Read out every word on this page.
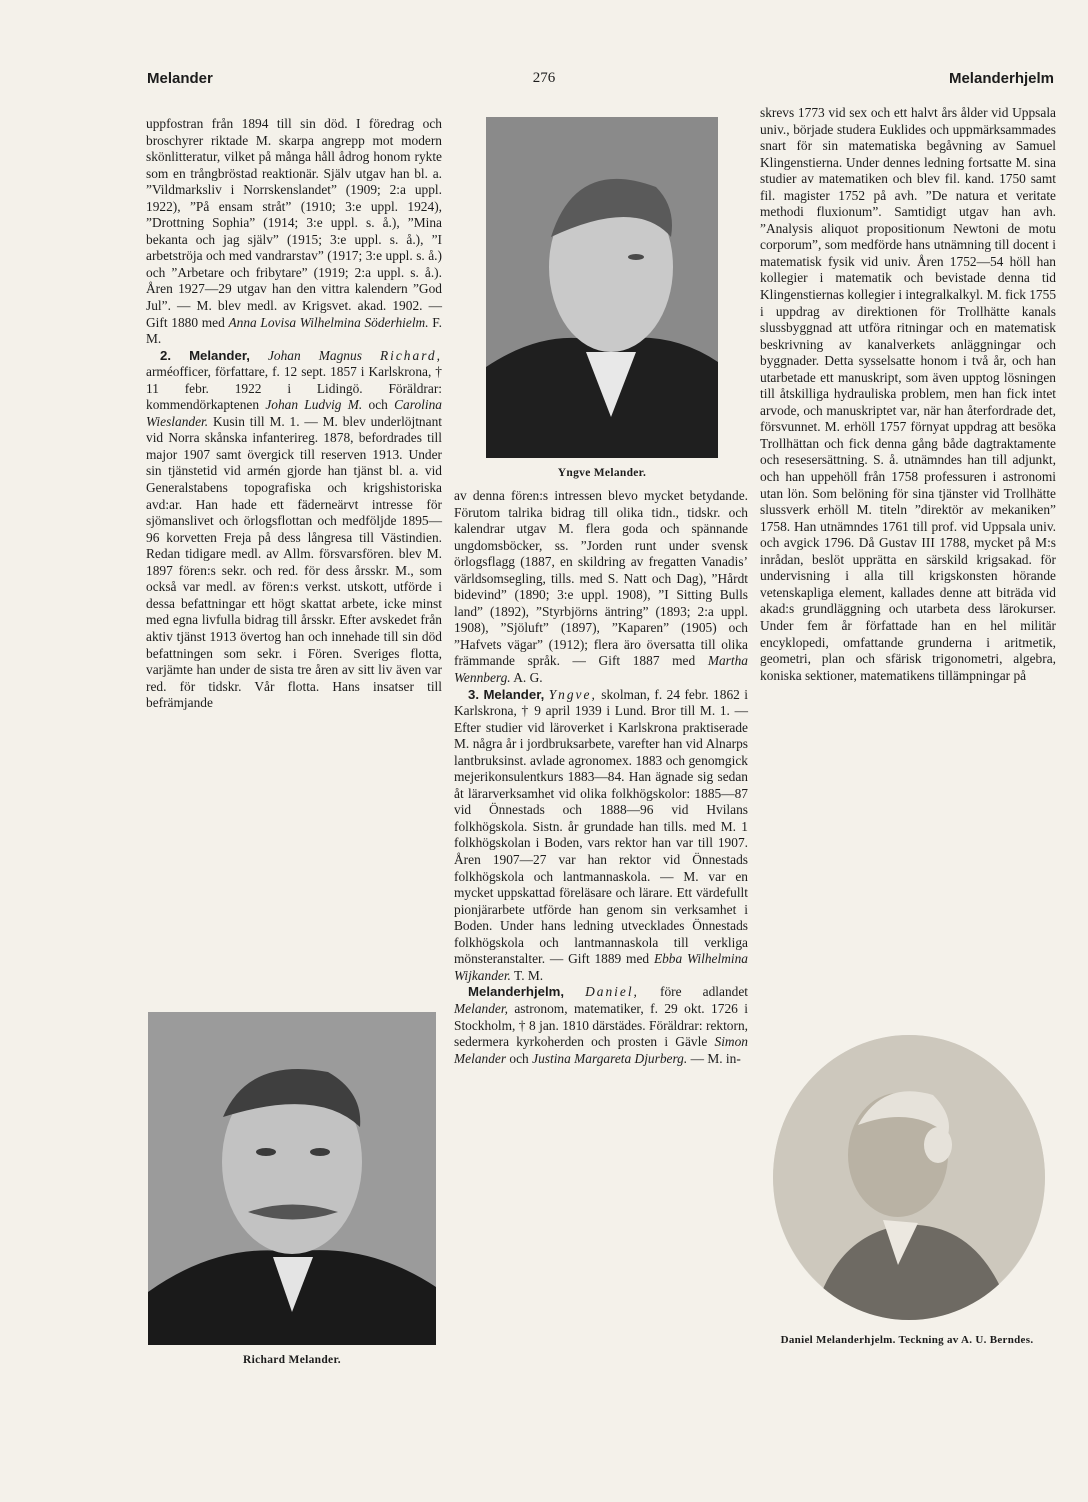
Melander	276	Melanderhjelm

uppfostran från 1894 till sin död. I föredrag och broschyrer riktade M. skarpa angrepp mot modern skönlitteratur, vilket på många håll ådrog honom rykte som en trångbröstad reaktionär. Själv utgav han bl. a. ”Vildmarksliv i Norrskenslandet” (1909; 2:a uppl. 1922), ”På ensam stråt” (1910; 3:e uppl. 1924), ”Drottning Sophia” (1914; 3:e uppl. s. å.), ”Mina bekanta och jag själv” (1915; 3:e uppl. s. å.), ”I arbetströja och med vandrarstav” (1917; 3:e uppl. s. å.) och ”Arbetare och fribytare” (1919; 2:a uppl. s. å.). Åren 1927—29 utgav han den vittra kalendern ”God Jul”. — M. blev medl. av Krigsvet. akad. 1902. — Gift 1880 med Anna Lovisa Wilhelmina Söderhielm. F. M.

2. Melander, Johan Magnus Richard, arméofficer, författare, f. 12 sept. 1857 i Karlskrona, † 11 febr. 1922 i Lidingö. Föräldrar: kommendörkaptenen Johan Ludvig M. och Carolina Wieslander. Kusin till M. 1. — M. blev underlöjtnant vid Norra skånska infanterireg. 1878, befordrades till major 1907 samt övergick till reserven 1913. Under sin tjänstetid vid armén gjorde han tjänst bl. a. vid Generalstabens topografiska och krigshistoriska avd:ar. Han hade ett fäderneärvt intresse för sjömanslivet och örlogsflottan och medföljde 1895—96 korvetten Freja på dess långresa till Västindien. Redan tidigare medl. av Allm. försvarsfören. blev M. 1897 fören:s sekr. och red. för dess årsskr. M., som också var medl. av fören:s verkst. utskott, utförde i dessa befattningar ett högt skattat arbete, icke minst med egna livfulla bidrag till årsskr. Efter avskedet från aktiv tjänst 1913 övertog han och innehade till sin död befattningen som sekr. i Fören. Sveriges flotta, varjämte han under de sista tre åren av sitt liv även var red. för tidskr. Vår flotta. Hans insatser till befrämjande

Yngve Melander.
Richard Melander.

av denna fören:s intressen blevo mycket betydande. Förutom talrika bidrag till olika tidn., tidskr. och kalendrar utgav M. flera goda och spännande ungdomsböcker, ss. ”Jorden runt under svensk örlogsflagg (1887, en skildring av fregatten Vanadis’ världsomsegling, tills. med S. Natt och Dag), ”Hårdt bidevind” (1890; 3:e uppl. 1908), ”I Sitting Bulls land” (1892), ”Styrbjörns äntring” (1893; 2:a uppl. 1908), ”Sjöluft” (1897), ”Kaparen” (1905) och ”Hafvets vägar” (1912); flera äro översatta till olika främmande språk. — Gift 1887 med Martha Wennberg. A. G.

3. Melander, Yngve, skolman, f. 24 febr. 1862 i Karlskrona, † 9 april 1939 i Lund. Bror till M. 1. — Efter studier vid läroverket i Karlskrona praktiserade M. några år i jordbruksarbete, varefter han vid Alnarps lantbruksinst. avlade agronomex. 1883 och genomgick mejerikonsulentkurs 1883—84. Han ägnade sig sedan åt lärarverksamhet vid olika folkhögskolor: 1885—87 vid Önnestads och 1888—96 vid Hvilans folkhögskola. Sistn. år grundade han tills. med M. 1 folkhögskolan i Boden, vars rektor han var till 1907. Åren 1907—27 var han rektor vid Önnestads folkhögskola och lantmannaskola. — M. var en mycket uppskattad föreläsare och lärare. Ett värdefullt pionjärarbete utförde han genom sin verksamhet i Boden. Under hans ledning utvecklades Önnestads folkhögskola och lantmannaskola till verkliga mönsteranstalter. — Gift 1889 med Ebba Wilhelmina Wijkander. T. M.

Melanderhjelm, Daniel, före adlandet Melander, astronom, matematiker, f. 29 okt. 1726 i Stockholm, † 8 jan. 1810 därstädes. Föräldrar: rektorn, sedermera kyrkoherden och prosten i Gävle Simon Melander och Justina Margareta Djurberg. — M. in-

skrevs 1773 vid sex och ett halvt års ålder vid Uppsala univ., började studera Euklides och uppmärksammades snart för sin matematiska begåvning av Samuel Klingenstierna. Under dennes ledning fortsatte M. sina studier av matematiken och blev fil. kand. 1750 samt fil. magister 1752 på avh. ”De natura et veritate methodi fluxionum”. Samtidigt utgav han avh. ”Analysis aliquot propositionum Newtoni de motu corporum”, som medförde hans utnämning till docent i matematisk fysik vid univ. Åren 1752—54 höll han kollegier i matematik och bevistade denna tid Klingenstiernas kollegier i integralkalkyl. M. fick 1755 i uppdrag av direktionen för Trollhätte kanals slussbyggnad att utföra ritningar och en matematisk beskrivning av kanalverkets anläggningar och byggnader. Detta sysselsatte honom i två år, och han utarbetade ett manuskript, som även upptog lösningen till åtskilliga hydrauliska problem, men han fick intet arvode, och manuskriptet var, när han återfordrade det, försvunnet. M. erhöll 1757 förnyat uppdrag att besöka Trollhättan och fick denna gång både dagtraktamente och resesersättning. S. å. utnämndes han till adjunkt, och han uppehöll från 1758 professuren i astronomi utan lön. Som belöning för sina tjänster vid Trollhätte slussverk erhöll M. titeln ”direktör av mekaniken” 1758. Han utnämndes 1761 till prof. vid Uppsala univ. och avgick 1796. Då Gustav III 1788, mycket på M:s inrådan, beslöt upprätta en särskild krigsakad. för undervisning i alla till krigskonsten hörande vetenskapliga element, kallades denne att biträda vid akad:s grundläggning och utarbeta dess lärokurser. Under fem år författade han en hel militär encyklopedi, omfattande grunderna i aritmetik, geometri, plan och sfärisk trigonometri, algebra, koniska sektioner, matematikens tillämpningar på

Daniel Melanderhjelm. Teckning av A. U. Berndes.
